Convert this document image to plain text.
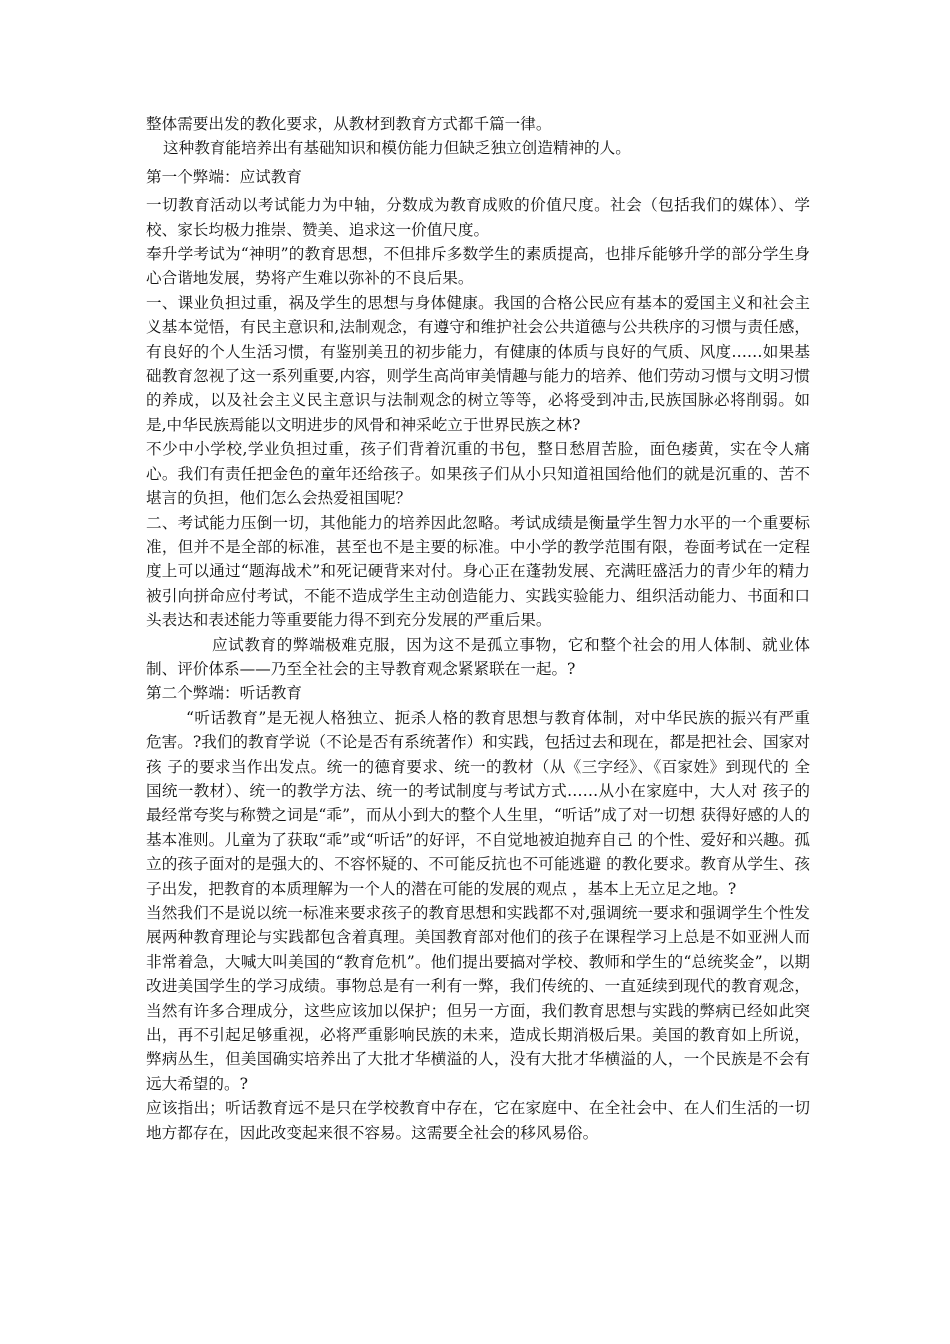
整体需要出发的教化要求，从教材到教育方式都千篇一律。

这种教育能培养出有基础知识和模仿能力但缺乏独立创造精神的人。

第一个弊端：应试教育

一切教育活动以考试能力为中轴，分数成为教育成败的价值尺度。社会（包括我们的媒体）、学校、家长均极力推崇、赞美、追求这一价值尺度。

奉升学考试为“神明”的教育思想，不但排斥多数学生的素质提高，也排斥能够升学的部分学生身心合谐地发展，势将产生难以弥补的不良后果。

一、课业负担过重，祸及学生的思想与身体健康。我国的合格公民应有基本的爱国主义和社会主义基本觉悟，有民主意识和,法制观念，有遵守和维护社会公共道德与公共秩序的习惯与责任感，有良好的个人生活习惯，有鉴别美丑的初步能力，有健康的体质与良好的气质、风度……如果基础教育忽视了这一系列重要,内容，则学生高尚审美情趣与能力的培养、他们劳动习惯与文明习惯的养成，以及社会主义民主意识与法制观念的树立等等，必将受到冲击,民族国脉必将削弱。如是,中华民族焉能以文明进步的风骨和神采屹立于世界民族之林?

不少中小学校,学业负担过重，孩子们背着沉重的书包，整日愁眉苦脸，面色痿黄，实在令人痛心。我们有责任把金色的童年还给孩子。如果孩子们从小只知道祖国给他们的就是沉重的、苦不堪言的负担，他们怎么会热爱祖国呢？

二、考试能力压倒一切，其他能力的培养因此忽略。考试成绩是衡量学生智力水平的一个重要标准，但并不是全部的标准，甚至也不是主要的标准。中小学的教学范围有限，卷面考试在一定程度上可以通过“题海战术”和死记硬背来对付。身心正在蓬勃发展、充满旺盛活力的青少年的精力被引向拼命应付考试，不能不造成学生主动创造能力、实践实验能力、组织活动能力、书面和口头表达和表述能力等重要能力得不到充分发展的严重后果。

应试教育的弊端极难克服，因为这不是孤立事物，它和整个社会的用人体制、就业体制、评价体系——乃至全社会的主导教育观念紧紧联在一起。?

第二个弊端：听话教育

“听话教育”是无视人格独立、扼杀人格的教育思想与教育体制，对中华民族的振兴有严重 危害。?我们的教育学说（不论是否有系统著作）和实践，包括过去和现在，都是把社会、国家对孩 子的要求当作出发点。统一的德育要求、统一的教材（从《三字经》、《百家姓》到现代的 全国统一教材）、统一的教学方法、统一的考试制度与考试方式……从小在家庭中，大人对 孩子的最经常夸奖与称赞之词是“乖”，而从小到大的整个人生里，“听话”成了对一切想 获得好感的人的基本准则。儿童为了获取“乖”或“听话”的好评，不自觉地被迫抛弃自己 的个性、爱好和兴趣。孤立的孩子面对的是强大的、不容怀疑的、不可能反抗也不可能逃避 的教化要求。教育从学生、孩子出发，把教育的本质理解为一个人的潜在可能的发展的观点 ，基本上无立足之地。?

当然我们不是说以统一标准来要求孩子的教育思想和实践都不对,强调统一要求和强调学生个性发展两种教育理论与实践都包含着真理。美国教育部对他们的孩子在课程学习上总是不如亚洲人而非常着急，大喊大叫美国的“教育危机”。他们提出要搞对学校、教师和学生的“总统奖金”，以期改进美国学生的学习成绩。事物总是有一利有一弊，我们传统的、一直延续到现代的教育观念，当然有许多合理成分，这些应该加以保护；但另一方面，我们教育思想与实践的弊病已经如此突出，再不引起足够重视，必将严重影响民族的未来，造成长期消极后果。美国的教育如上所说，弊病丛生，但美国确实培养出了大批才华横溢的人，没有大批才华横溢的人，一个民族是不会有远大希望的。?

应该指出；听话教育远不是只在学校教育中存在，它在家庭中、在全社会中、在人们生活的一切地方都存在，因此改变起来很不容易。这需要全社会的移风易俗。
